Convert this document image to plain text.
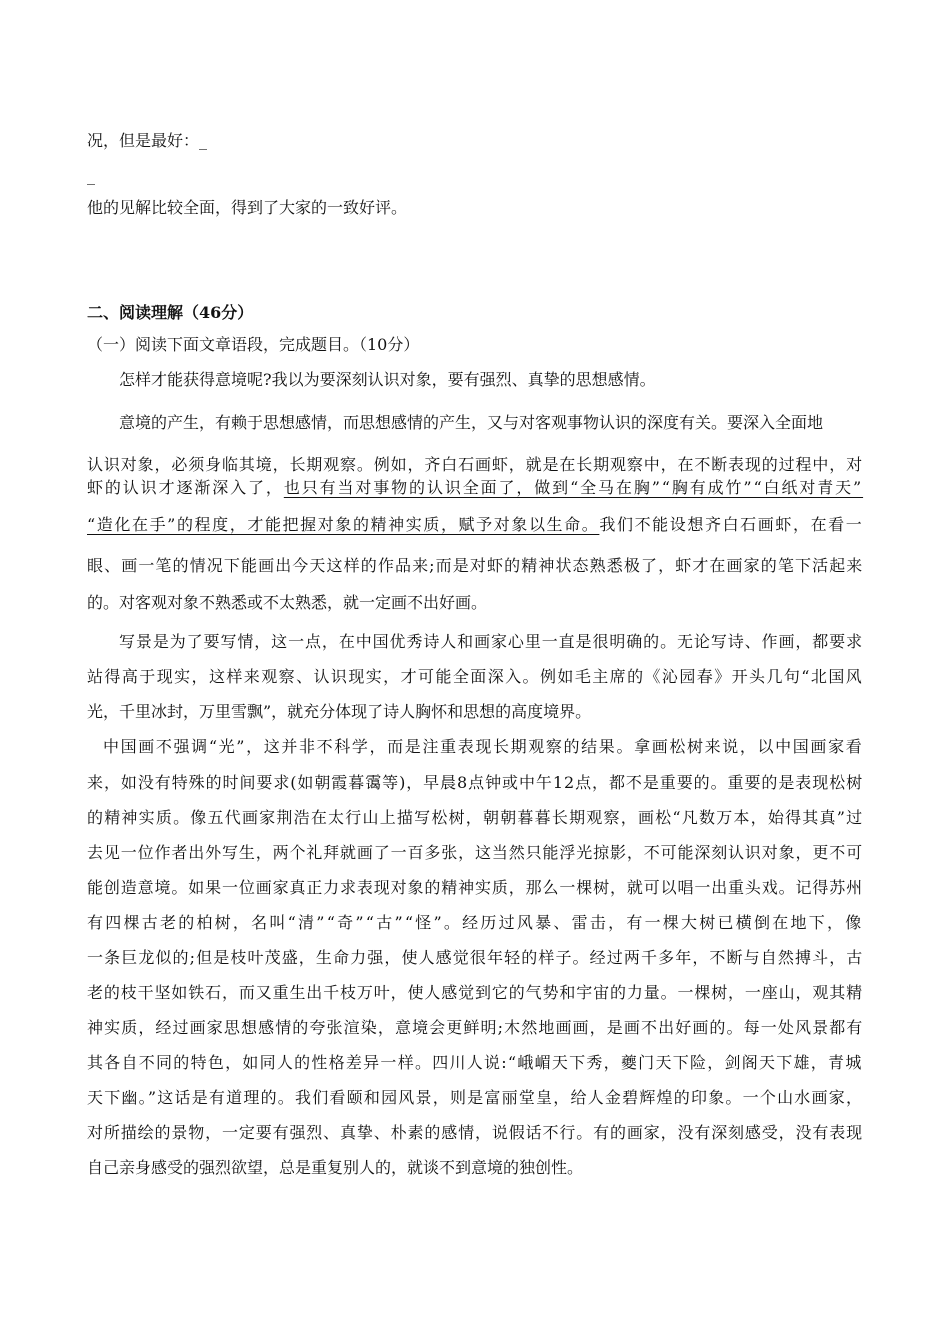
况，但是最好：_
_
他的见解比较全面，得到了大家的一致好评。
二、阅读理解（46分）
（一）阅读下面文章语段，完成题目。（10分）
怎样才能获得意境呢?我以为要深刻认识对象，要有强烈、真挚的思想感情。
意境的产生，有赖于思想感情，而思想感情的产生，又与对客观事物认识的深度有关。要深入全面地
认识对象，必须身临其境，长期观察。例如，齐白石画虾，就是在长期观察中，在不断表现的过程中，对
虾的认识才逐渐深入了，也只有当对事物的认识全面了，做到“全马在胸”“胸有成竹”“白纸对青天”
“造化在手”的程度，才能把握对象的精神实质，赋予对象以生命。我们不能设想齐白石画虾，在看一
眼、画一笔的情况下能画出今天这样的作品来;而是对虾的精神状态熟悉极了，虾才在画家的笔下活起来
的。对客观对象不熟悉或不太熟悉，就一定画不出好画。
写景是为了要写情，这一点，在中国优秀诗人和画家心里一直是很明确的。无论写诗、作画，都要求
站得高于现实，这样来观察、认识现实，才可能全面深入。例如毛主席的《沁园春》开头几句“北国风
光，千里冰封，万里雪飘”，就充分体现了诗人胸怀和思想的高度境界。
中国画不强调“光”，这并非不科学，而是注重表现长期观察的结果。拿画松树来说，以中国画家看
来，如没有特殊的时间要求(如朝霞暮霭等)，早晨8点钟或中午12点，都不是重要的。重要的是表现松树
的精神实质。像五代画家荆浩在太行山上描写松树，朝朝暮暮长期观察，画松“凡数万本，始得其真”过
去见一位作者出外写生，两个礼拜就画了一百多张，这当然只能浮光掠影，不可能深刻认识对象，更不可
能创造意境。如果一位画家真正力求表现对象的精神实质，那么一棵树，就可以唱一出重头戏。记得苏州
有四棵古老的柏树，名叫“清”“奇”“古”“怪”。经历过风暴、雷击，有一棵大树已横倒在地下，像
一条巨龙似的;但是枝叶茂盛，生命力强，使人感觉很年轻的样子。经过两千多年，不断与自然搏斗，古
老的枝干坚如铁石，而又重生出千枝万叶，使人感觉到它的气势和宇宙的力量。一棵树，一座山，观其精
神实质，经过画家思想感情的夸张渲染，意境会更鲜明;木然地画画，是画不出好画的。每一处风景都有
其各自不同的特色，如同人的性格差异一样。四川人说:“峨嵋天下秀，夔门天下险，剑阁天下雄，青城
天下幽。”这话是有道理的。我们看颐和园风景，则是富丽堂皇，给人金碧辉煌的印象。一个山水画家，
对所描绘的景物，一定要有强烈、真挚、朴素的感情，说假话不行。有的画家，没有深刻感受，没有表现
自己亲身感受的强烈欲望，总是重复别人的，就谈不到意境的独创性。
